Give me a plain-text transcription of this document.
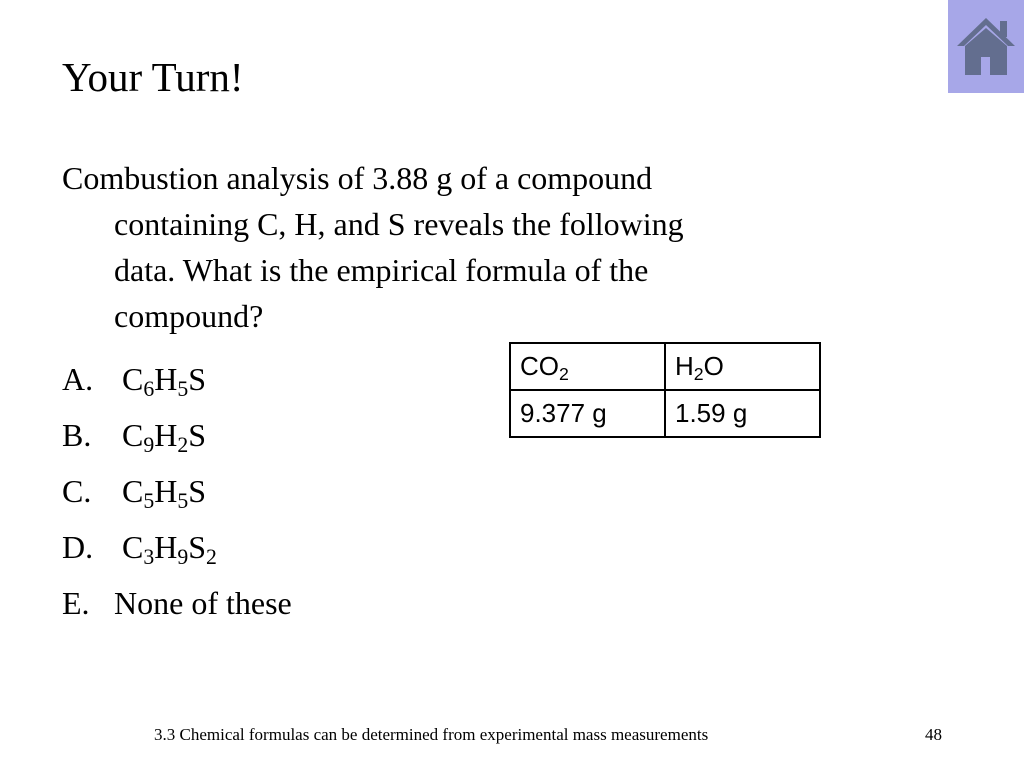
Your Turn!
Combustion analysis of 3.88 g of a compound
containing C, H, and S reveals the following
data. What is the empirical formula of the
compound?
A. $C_6H_5S$
B. $C_9H_2S$
C. $C_5H_5S$
D. $C_3H_9S_2$
E. None of these
$CO_2$	$H_2O$
9.377 g	1.59 g
3.3 Chemical formulas can be determined from experimental mass measurements	48
